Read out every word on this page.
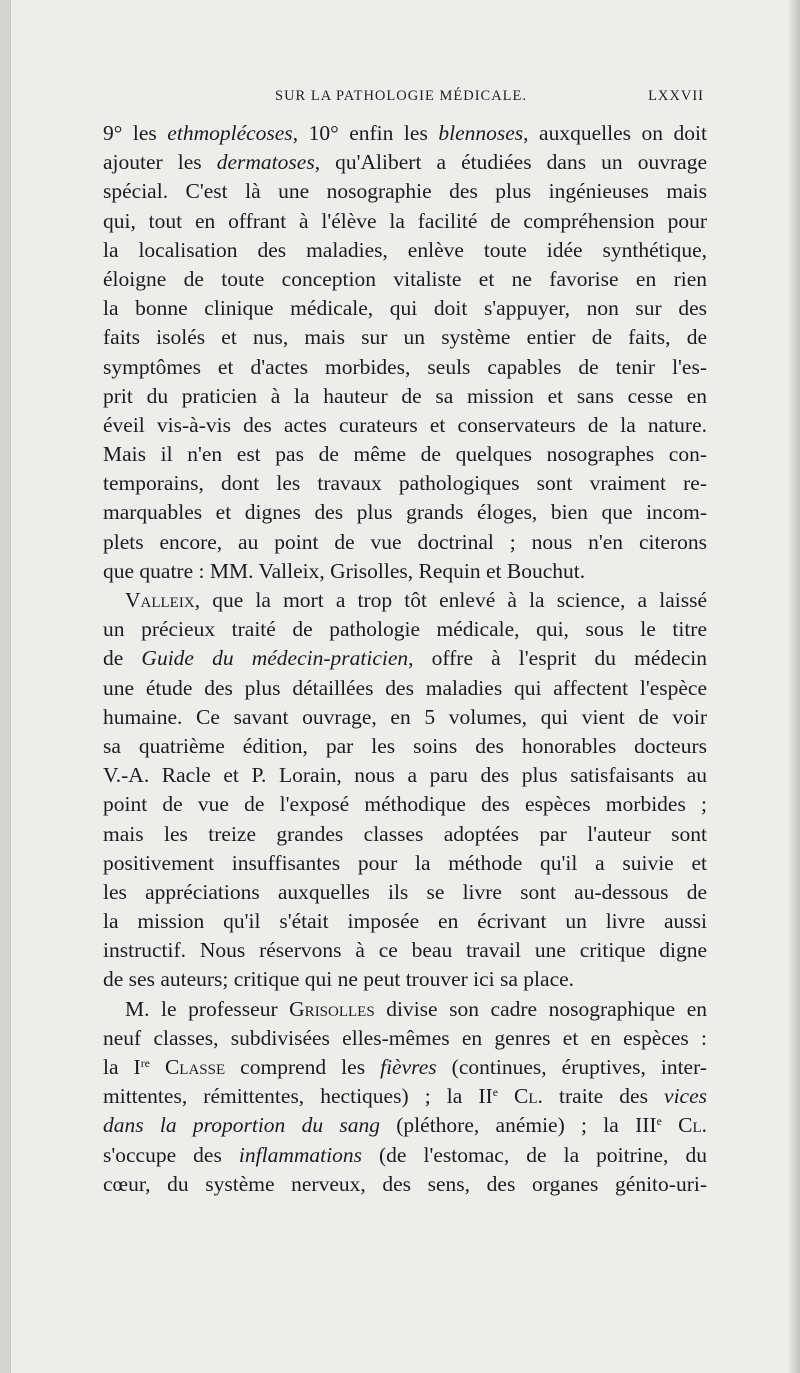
SUR LA PATHOLOGIE MÉDICALE.	LXXVII
9° les ethmoplécoses, 10° enfin les blennoses, auxquelles on doit
ajouter les dermatoses, qu'Alibert a étudiées dans un ouvrage
spécial. C'est là une nosographie des plus ingénieuses mais
qui, tout en offrant à l'élève la facilité de compréhension pour
la localisation des maladies, enlève toute idée synthétique,
éloigne de toute conception vitaliste et ne favorise en rien
la bonne clinique médicale, qui doit s'appuyer, non sur des
faits isolés et nus, mais sur un système entier de faits, de
symptômes et d'actes morbides, seuls capables de tenir l'es-
prit du praticien à la hauteur de sa mission et sans cesse en
éveil vis-à-vis des actes curateurs et conservateurs de la nature.
Mais il n'en est pas de même de quelques nosographes con-
temporains, dont les travaux pathologiques sont vraiment re-
marquables et dignes des plus grands éloges, bien que incom-
plets encore, au point de vue doctrinal ; nous n'en citerons
que quatre : MM. Valleix, Grisolles, Requin et Bouchut.
Valleix, que la mort a trop tôt enlevé à la science, a laissé
un précieux traité de pathologie médicale, qui, sous le titre
de Guide du médecin-praticien, offre à l'esprit du médecin
une étude des plus détaillées des maladies qui affectent l'espèce
humaine. Ce savant ouvrage, en 5 volumes, qui vient de voir
sa quatrième édition, par les soins des honorables docteurs
V.-A. Racle et P. Lorain, nous a paru des plus satisfaisants au
point de vue de l'exposé méthodique des espèces morbides ;
mais les treize grandes classes adoptées par l'auteur sont
positivement insuffisantes pour la méthode qu'il a suivie et
les appréciations auxquelles ils se livre sont au-dessous de
la mission qu'il s'était imposée en écrivant un livre aussi
instructif. Nous réservons à ce beau travail une critique digne
de ses auteurs; critique qui ne peut trouver ici sa place.
M. le professeur Grisolles divise son cadre nosographique en
neuf classes, subdivisées elles-mêmes en genres et en espèces :
la Ire Classe comprend les fièvres (continues, éruptives, inter-
mittentes, rémittentes, hectiques) ; la IIe Cl. traite des vices
dans la proportion du sang (pléthore, anémie) ; la IIIe Cl.
s'occupe des inflammations (de l'estomac, de la poitrine, du
cœur, du système nerveux, des sens, des organes génito-uri-
